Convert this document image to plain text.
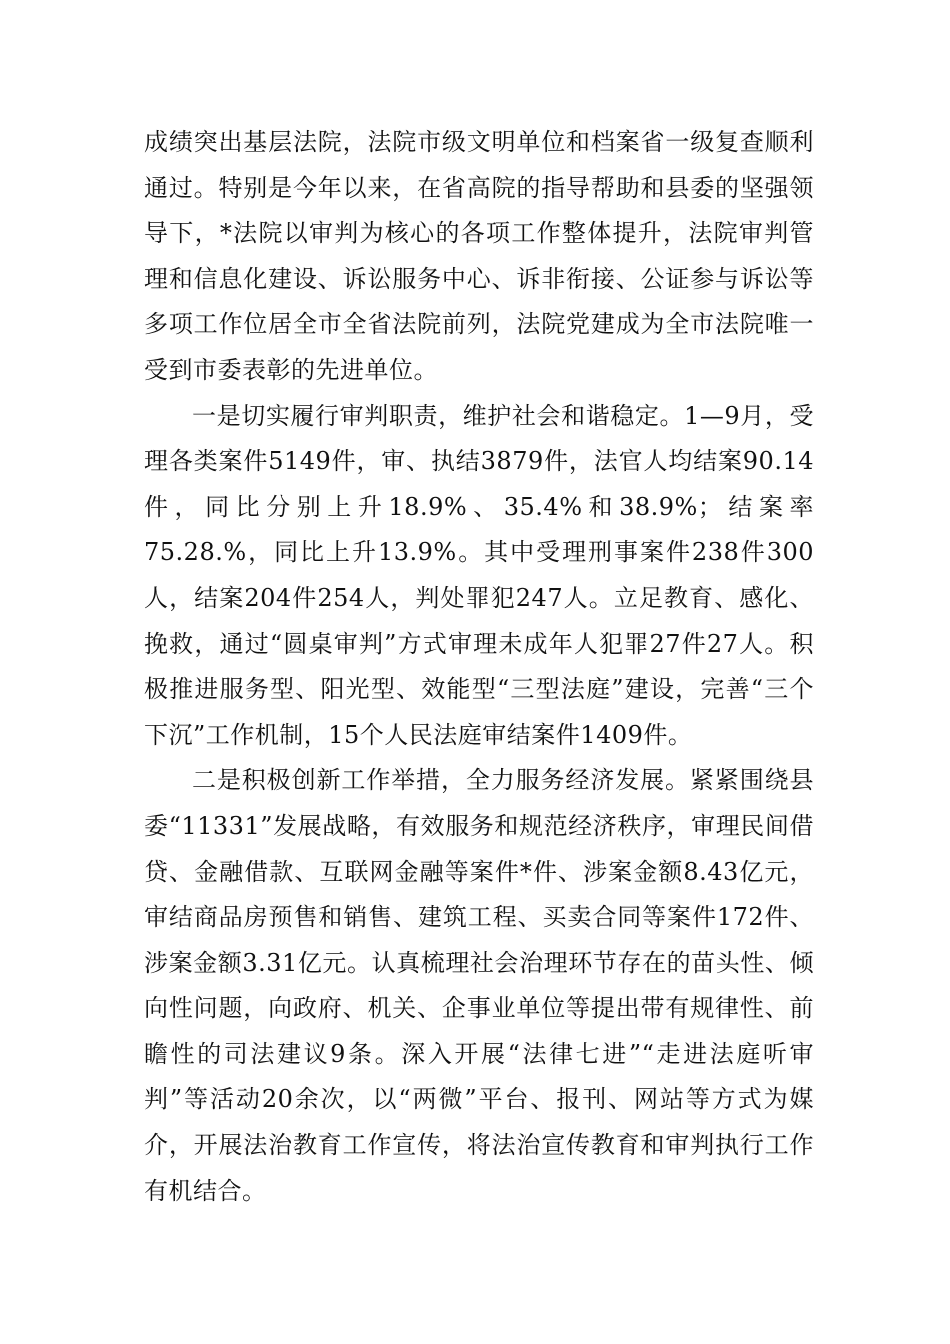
成绩突出基层法院，法院市级文明单位和档案省一级复查顺利通过。特别是今年以来，在省高院的指导帮助和县委的坚强领导下，*法院以审判为核心的各项工作整体提升，法院审判管理和信息化建设、诉讼服务中心、诉非衔接、公证参与诉讼等多项工作位居全市全省法院前列，法院党建成为全市法院唯一受到市委表彰的先进单位。

一是切实履行审判职责，维护社会和谐稳定。1—9月，受理各类案件5149件，审、执结3879件，法官人均结案90.14件，同比分别上升18.9%、35.4%和38.9%；结案率75.28.%，同比上升13.9%。其中受理刑事案件238件300人，结案204件254人，判处罪犯247人。立足教育、感化、挽救，通过“圆桌审判”方式审理未成年人犯罪27件27人。积极推进服务型、阳光型、效能型“三型法庭”建设，完善“三个下沉”工作机制，15个人民法庭审结案件1409件。

二是积极创新工作举措，全力服务经济发展。紧紧围绕县委“11331”发展战略，有效服务和规范经济秩序，审理民间借贷、金融借款、互联网金融等案件*件、涉案金额8.43亿元，审结商品房预售和销售、建筑工程、买卖合同等案件172件、涉案金额3.31亿元。认真梳理社会治理环节存在的苗头性、倾向性问题，向政府、机关、企事业单位等提出带有规律性、前瞻性的司法建议9条。深入开展“法律七进”“走进法庭听审判”等活动20余次，以“两微”平台、报刊、网站等方式为媒介，开展法治教育工作宣传，将法治宣传教育和审判执行工作有机结合。
